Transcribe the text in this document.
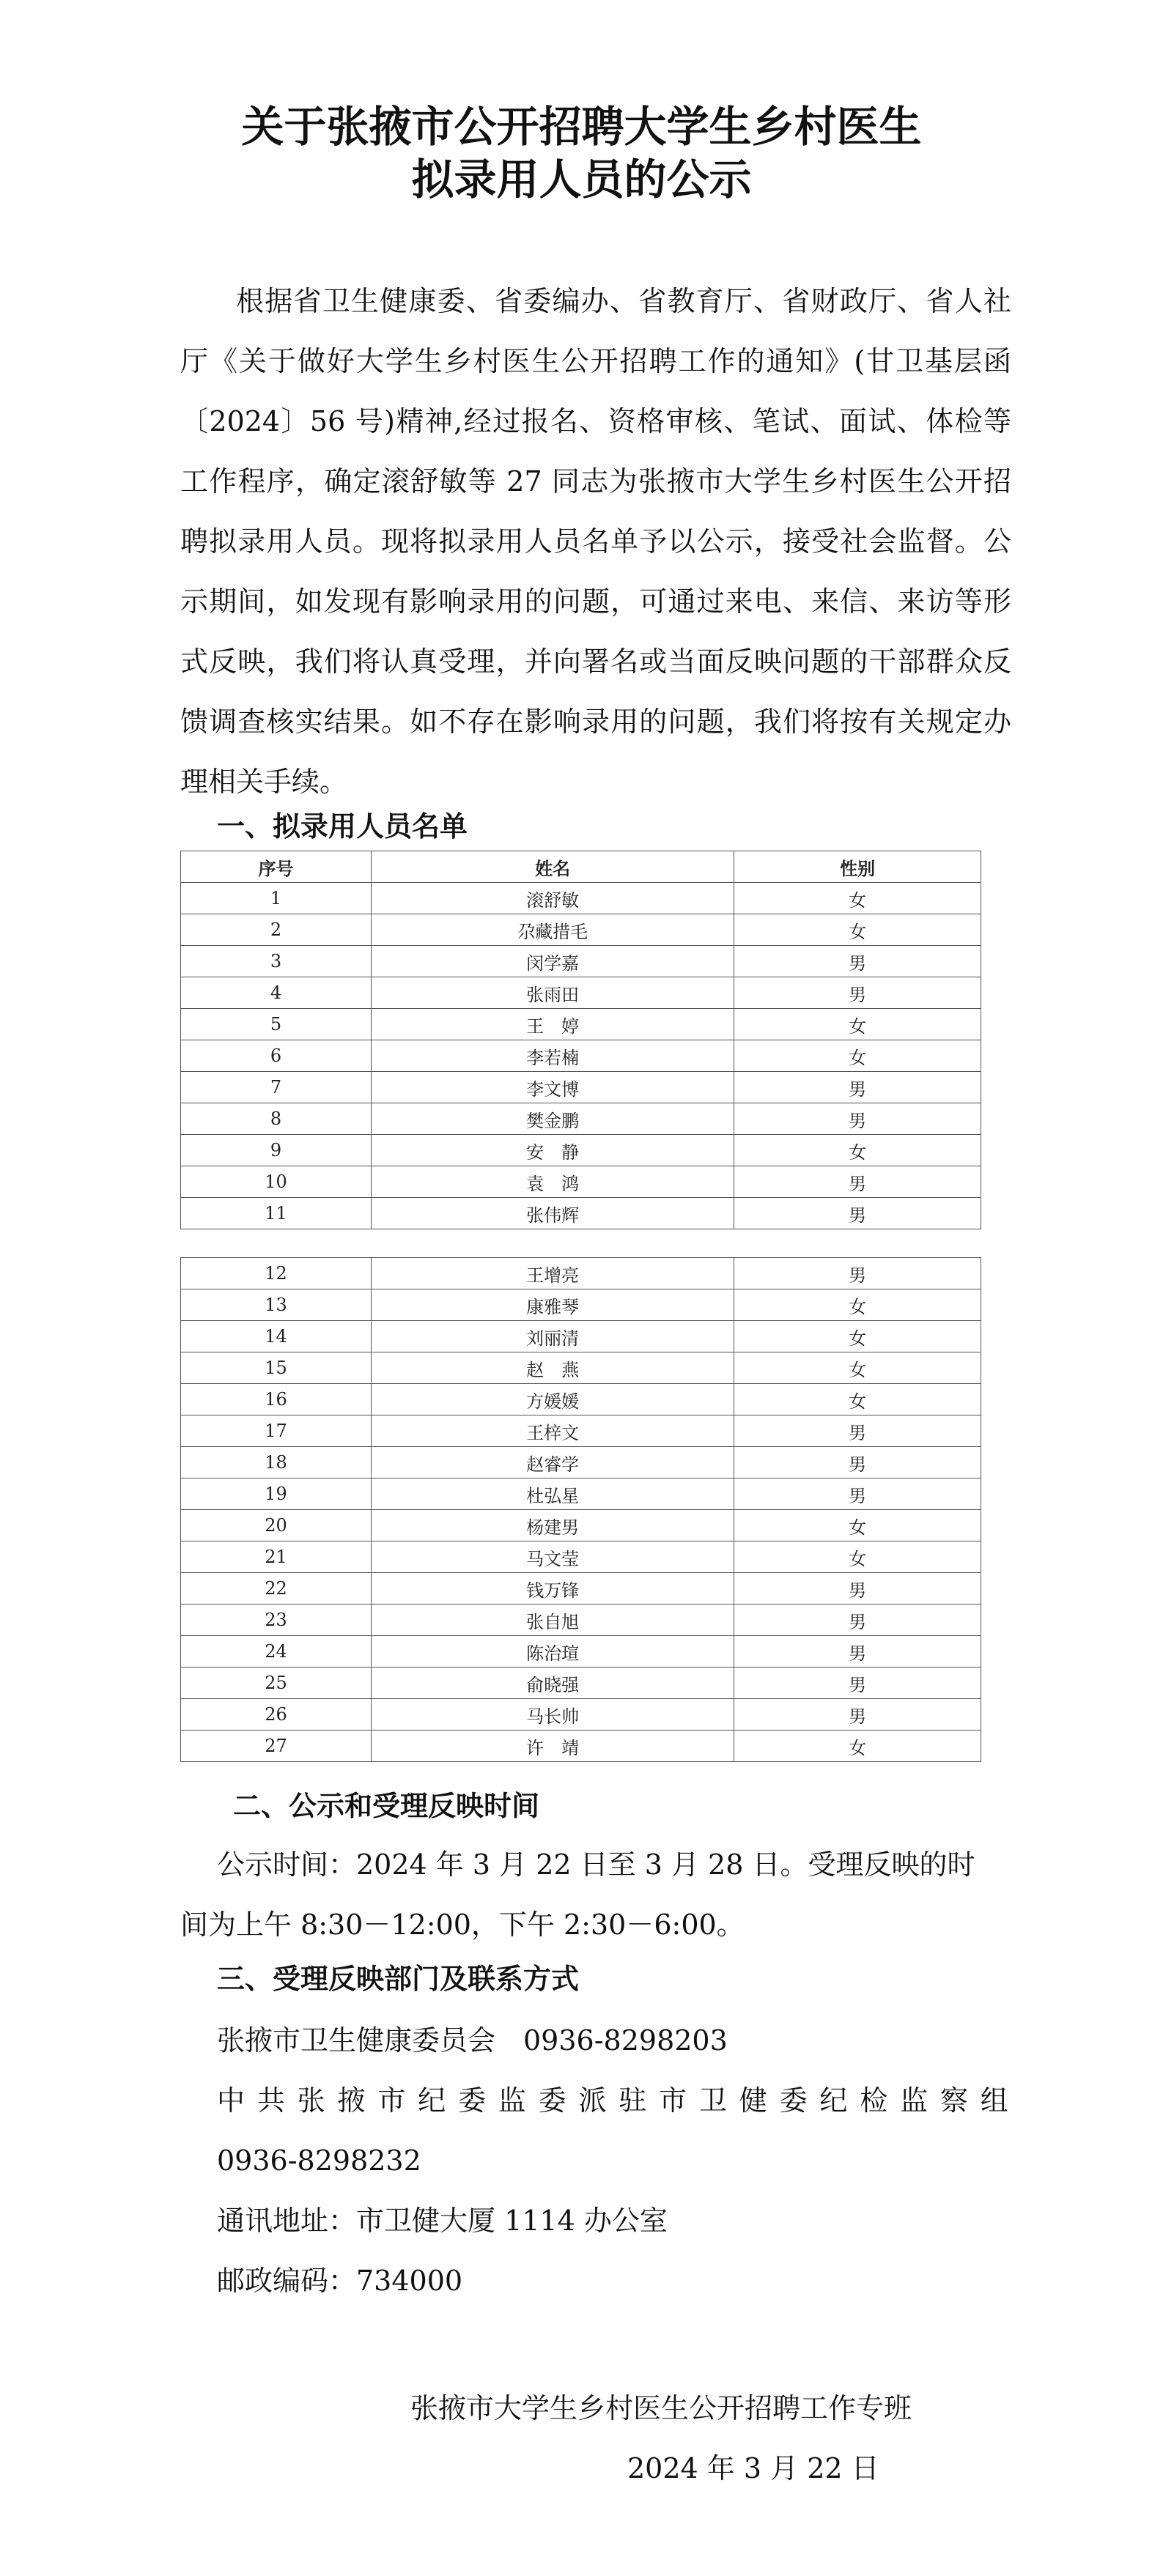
关于张掖市公开招聘大学生乡村医生
拟录用人员的公示
根据省卫生健康委、省委编办、省教育厅、省财政厅、省人社厅《关于做好大学生乡村医生公开招聘工作的通知》(甘卫基层函〔2024〕56 号)精神,经过报名、资格审核、笔试、面试、体检等工作程序，确定滚舒敏等 27 同志为张掖市大学生乡村医生公开招聘拟录用人员。现将拟录用人员名单予以公示，接受社会监督。公示期间，如发现有影响录用的问题，可通过来电、来信、来访等形式反映，我们将认真受理，并向署名或当面反映问题的干部群众反馈调查核实结果。如不存在影响录用的问题，我们将按有关规定办理相关手续。
一、拟录用人员名单
序号	姓名	性别
1	滚舒敏	女
2	尕藏措毛	女
3	闵学嘉	男
4	张雨田	男
5	王　婷	女
6	李若楠	女
7	李文博	男
8	樊金鹏	男
9	安　静	女
10	袁　鸿	男
11	张伟辉	男
12	王增亮	男
13	康雅琴	女
14	刘丽清	女
15	赵　燕	女
16	方媛媛	女
17	王梓文	男
18	赵睿学	男
19	杜弘星	男
20	杨建男	女
21	马文莹	女
22	钱万锋	男
23	张自旭	男
24	陈治瑄	男
25	俞晓强	男
26	马长帅	男
27	许　靖	女
二、公示和受理反映时间
公示时间：2024 年 3 月 22 日至 3 月 28 日。受理反映的时
间为上午 8:30－12:00，下午 2:30－6:00。
三、受理反映部门及联系方式
张掖市卫生健康委员会　0936-8298203
中 共 张 掖 市 纪 委 监 委 派 驻 市 卫 健 委 纪 检 监 察 组
0936-8298232
通讯地址：市卫健大厦 1114 办公室
邮政编码：734000
张掖市大学生乡村医生公开招聘工作专班
2024 年 3 月 22 日
